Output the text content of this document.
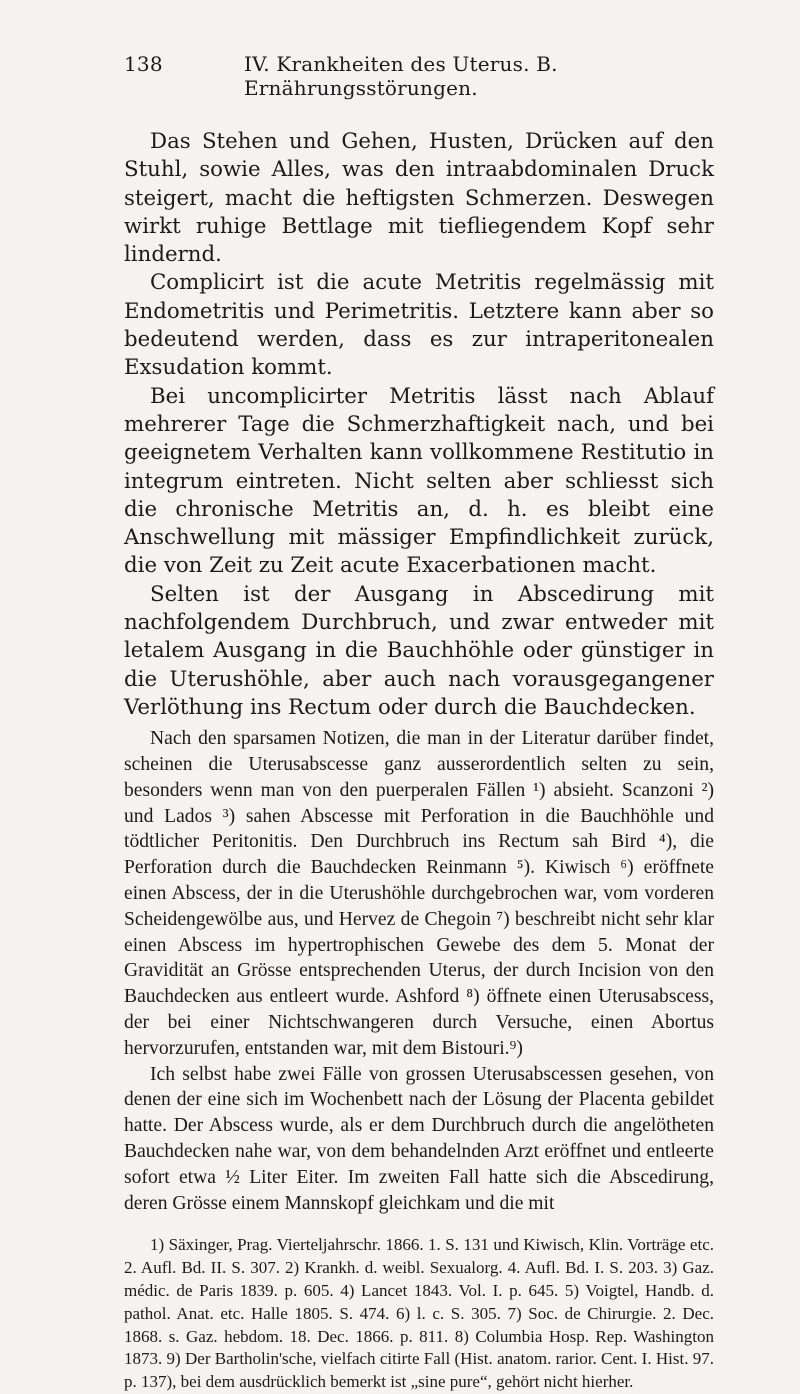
138	IV. Krankheiten des Uterus. B. Ernährungsstörungen.

Das Stehen und Gehen, Husten, Drücken auf den Stuhl, sowie Alles, was den intraabdominalen Druck steigert, macht die heftigsten Schmerzen. Deswegen wirkt ruhige Bettlage mit tiefliegendem Kopf sehr lindernd.

Complicirt ist die acute Metritis regelmässig mit Endometritis und Perimetritis. Letztere kann aber so bedeutend werden, dass es zur intraperitonealen Exsudation kommt.

Bei uncomplicirter Metritis lässt nach Ablauf mehrerer Tage die Schmerzhaftigkeit nach, und bei geeignetem Verhalten kann vollkommene Restitutio in integrum eintreten. Nicht selten aber schliesst sich die chronische Metritis an, d. h. es bleibt eine Anschwellung mit mässiger Empfindlichkeit zurück, die von Zeit zu Zeit acute Exacerbationen macht.

Selten ist der Ausgang in Abscedirung mit nachfolgendem Durchbruch, und zwar entweder mit letalem Ausgang in die Bauchhöhle oder günstiger in die Uterushöhle, aber auch nach vorausgegangener Verlöthung ins Rectum oder durch die Bauchdecken.

Nach den sparsamen Notizen, die man in der Literatur darüber findet, scheinen die Uterusabscesse ganz ausserordentlich selten zu sein, besonders wenn man von den puerperalen Fällen ¹) absieht. Scanzoni ²) und Lados ³) sahen Abscesse mit Perforation in die Bauchhöhle und tödtlicher Peritonitis. Den Durchbruch ins Rectum sah Bird ⁴), die Perforation durch die Bauchdecken Reinmann ⁵). Kiwisch ⁶) eröffnete einen Abscess, der in die Uterushöhle durchgebrochen war, vom vorderen Scheidengewölbe aus, und Hervez de Chegoin ⁷) beschreibt nicht sehr klar einen Abscess im hypertrophischen Gewebe des dem 5. Monat der Gravidität an Grösse entsprechenden Uterus, der durch Incision von den Bauchdecken aus entleert wurde. Ashford ⁸) öffnete einen Uterusabscess, der bei einer Nichtschwangeren durch Versuche, einen Abortus hervorzurufen, entstanden war, mit dem Bistouri.⁹)

Ich selbst habe zwei Fälle von grossen Uterusabscessen gesehen, von denen der eine sich im Wochenbett nach der Lösung der Placenta gebildet hatte. Der Abscess wurde, als er dem Durchbruch durch die angelötheten Bauchdecken nahe war, von dem behandelnden Arzt eröffnet und entleerte sofort etwa ½ Liter Eiter. Im zweiten Fall hatte sich die Abscedirung, deren Grösse einem Mannskopf gleichkam und die mit

1) Säxinger, Prag. Vierteljahrschr. 1866. 1. S. 131 und Kiwisch, Klin. Vorträge etc. 2. Aufl. Bd. II. S. 307. 2) Krankh. d. weibl. Sexualorg. 4. Aufl. Bd. I. S. 203. 3) Gaz. médic. de Paris 1839. p. 605. 4) Lancet 1843. Vol. I. p. 645. 5) Voigtel, Handb. d. pathol. Anat. etc. Halle 1805. S. 474. 6) l. c. S. 305. 7) Soc. de Chirurgie. 2. Dec. 1868. s. Gaz. hebdom. 18. Dec. 1866. p. 811. 8) Columbia Hosp. Rep. Washington 1873. 9) Der Bartholin'sche, vielfach citirte Fall (Hist. anatom. rarior. Cent. I. Hist. 97. p. 137), bei dem ausdrücklich bemerkt ist „sine pure“, gehört nicht hierher.
